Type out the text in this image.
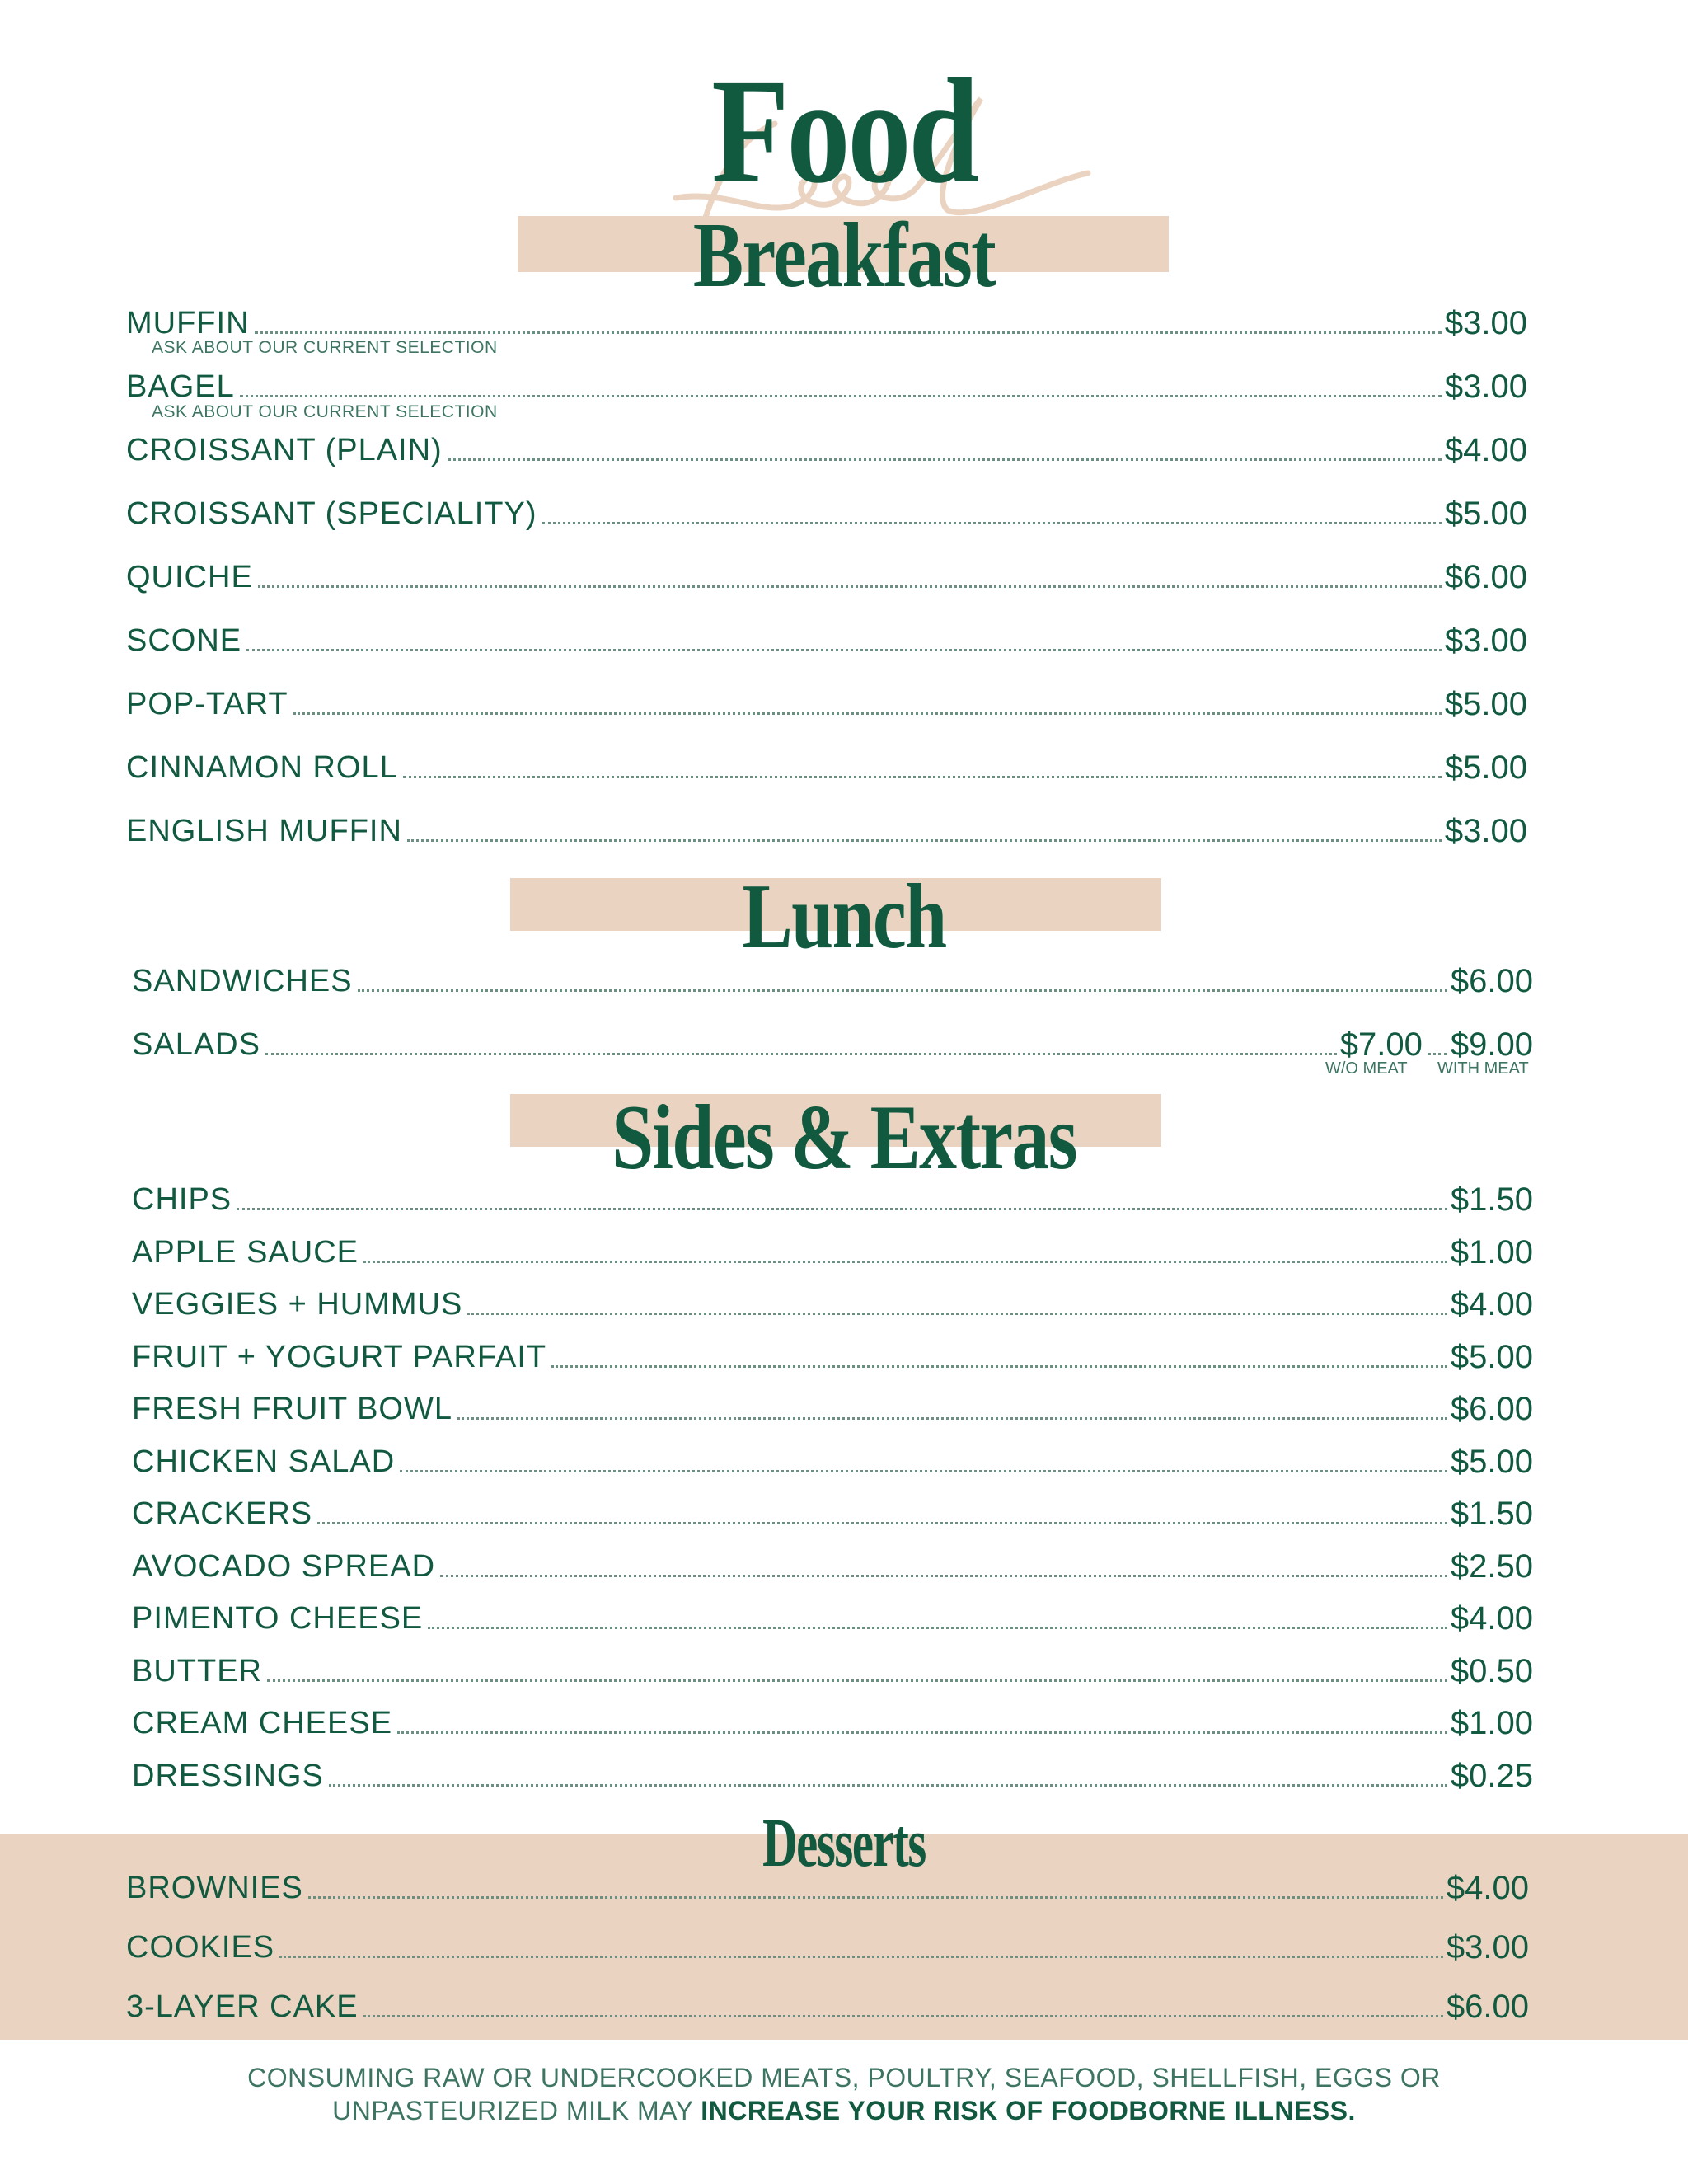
Food
Breakfast
MUFFIN	$3.00
ASK ABOUT OUR CURRENT SELECTION
BAGEL	$3.00
ASK ABOUT OUR CURRENT SELECTION
CROISSANT (PLAIN)	$4.00
CROISSANT (SPECIALITY)	$5.00
QUICHE	$6.00
SCONE	$3.00
POP-TART	$5.00
CINNAMON ROLL	$5.00
ENGLISH MUFFIN	$3.00
Lunch
SANDWICHES	$6.00
SALADS	$7.00 $9.00
W/O MEAT WITH MEAT
Sides & Extras
CHIPS	$1.50
APPLE SAUCE	$1.00
VEGGIES + HUMMUS	$4.00
FRUIT + YOGURT PARFAIT	$5.00
FRESH FRUIT BOWL	$6.00
CHICKEN SALAD	$5.00
CRACKERS	$1.50
AVOCADO SPREAD	$2.50
PIMENTO CHEESE	$4.00
BUTTER	$0.50
CREAM CHEESE	$1.00
DRESSINGS	$0.25
Desserts
BROWNIES	$4.00
COOKIES	$3.00
3-LAYER CAKE	$6.00
CONSUMING RAW OR UNDERCOOKED MEATS, POULTRY, SEAFOOD, SHELLFISH, EGGS OR
UNPASTEURIZED MILK MAY INCREASE YOUR RISK OF FOODBORNE ILLNESS.
